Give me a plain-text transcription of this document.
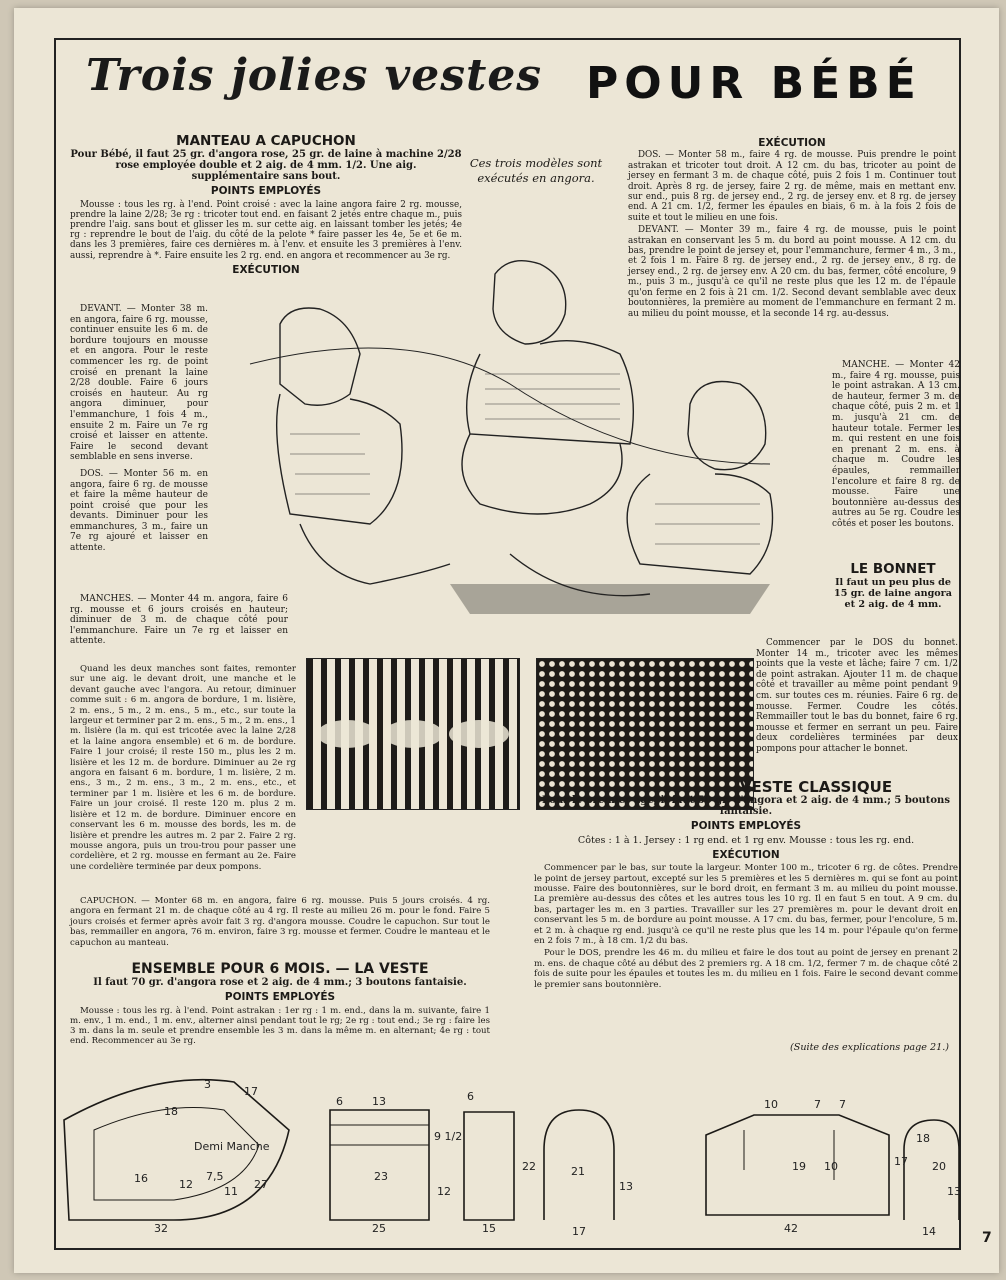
Trois jolies vestes POUR BÉBÉ
MANTEAU A CAPUCHON
Pour Bébé, il faut 25 gr. d'angora rose, 25 gr. de laine à machine 2/28 rose employée double et 2 aig. de 4 mm. 1/2. Une aig. supplémentaire sans bout.
POINTS EMPLOYÉS

Mousse : tous les rg. à l'end. Point croisé : avec la laine angora faire 2 rg. mousse, prendre la laine 2/28; 3e rg : tricoter tout end. en faisant 2 jetés entre chaque m., puis prendre l'aig. sans bout et glisser les m. sur cette aig. en laissant tomber les jetés; 4e rg : reprendre le bout de l'aig. du côté de la pelote * faire passer les 4e, 5e et 6e m. dans les 3 premières, faire ces dernières m. à l'env. et ensuite les 3 premières à l'env. aussi, reprendre à *. Faire ensuite les 2 rg. end. en angora et recommencer au 3e rg.

EXÉCUTION

DEVANT. — Monter 38 m. en angora, faire 6 rg. mousse, continuer ensuite les 6 m. de bordure toujours en mousse et en angora. Pour le reste commencer les rg. de point croisé en prenant la laine 2/28 double. Faire 6 jours croisés en hauteur. Au rg angora diminuer, pour l'emmanchure, 1 fois 4 m., ensuite 2 m. Faire un 7e rg croisé et laisser en attente. Faire le second devant semblable en sens inverse.

DOS. — Monter 56 m. en angora, faire 6 rg. de mousse et faire la même hauteur de point croisé que pour les devants. Diminuer pour les emmanchures, 3 m., faire un 7e rg ajouré et laisser en attente.

MANCHES. — Monter 44 m. angora, faire 6 rg. mousse et 6 jours croisés en hauteur; diminuer de 3 m. de chaque côté pour l'emmanchure. Faire un 7e rg et laisser en attente.

Quand les deux manches sont faites, remonter sur une aig. le devant droit, une manche et le devant gauche avec l'angora. Au retour, diminuer comme suit : 6 m. angora de bordure, 1 m. lisière, 2 m. ens., 5 m., 2 m. ens., 5 m., etc., sur toute la largeur et terminer par 2 m. ens., 5 m., 2 m. ens., 1 m. lisière (la m. qui est tricotée avec la laine 2/28 et la laine angora ensemble) et 6 m. de bordure. Faire 1 jour croisé; il reste 150 m., plus les 2 m. lisière et les 12 m. de bordure. Diminuer au 2e rg angora en faisant 6 m. bordure, 1 m. lisière, 2 m. ens., 3 m., 2 m. ens., 3 m., 2 m. ens., etc., et terminer par 1 m. lisière et les 6 m. de bordure. Faire un jour croisé. Il reste 120 m. plus 2 m. lisière et 12 m. de bordure. Diminuer encore en conservant les 6 m. mousse des bords, les m. de lisière et prendre les autres m. 2 par 2. Faire 2 rg. mousse angora, puis un trou-trou pour passer une cordelière, et 2 rg. mousse en fermant au 2e. Faire une cordelière terminée par deux pompons.

CAPUCHON. — Monter 68 m. en angora, faire 6 rg. mousse. Puis 5 jours croisés. 4 rg. angora en fermant 21 m. de chaque côté au 4 rg. Il reste au milieu 26 m. pour le fond. Faire 5 jours croisés et fermer après avoir fait 3 rg. d'angora mousse. Coudre le capuchon. Sur tout le bas, remmailler en angora, 76 m. environ, faire 3 rg. mousse et fermer. Coudre le manteau et le capuchon au manteau.

Ces trois modèles sont exécutés en angora.
EXÉCUTION

DOS. — Monter 58 m., faire 4 rg. de mousse. Puis prendre le point astrakan et tricoter tout droit. A 12 cm. du bas, tricoter au point de jersey en fermant 3 m. de chaque côté, puis 2 fois 1 m. Continuer tout droit. Après 8 rg. de jersey, faire 2 rg. de même, mais en mettant env. sur end., puis 8 rg. de jersey end., 2 rg. de jersey env. et 8 rg. de jersey end. A 21 cm. 1/2, fermer les épaules en biais, 6 m. à la fois 2 fois de suite et tout le milieu en une fois.

DEVANT. — Monter 39 m., faire 4 rg. de mousse, puis le point astrakan en conservant les 5 m. du bord au point mousse. A 12 cm. du bas, prendre le point de jersey et, pour l'emmanchure, fermer 4 m., 3 m., et 2 fois 1 m. Faire 8 rg. de jersey end., 2 rg. de jersey env., 8 rg. de jersey end., 2 rg. de jersey env. A 20 cm. du bas, fermer, côté encolure, 9 m., puis 3 m., jusqu'à ce qu'il ne reste plus que les 12 m. de l'épaule qu'on ferme en 2 fois à 21 cm. 1/2. Second devant semblable avec deux boutonnières, la première au moment de l'emmanchure en fermant 2 m. au milieu du point mousse, et la seconde 14 rg. au-dessus.

MANCHE. — Monter 42 m., faire 4 rg. mousse, puis le point astrakan. A 13 cm. de hauteur, fermer 3 m. de chaque côté, puis 2 m. et 1 m. jusqu'à 21 cm. de hauteur totale. Fermer les m. qui restent en une fois en prenant 2 m. ens. à chaque m. Coudre les épaules, remmailler l'encolure et faire 8 rg. de mousse. Faire une boutonnière au-dessus des autres au 5e rg. Coudre les côtés et poser les boutons.

LE BONNET
Il faut un peu plus de 15 gr. de laine angora et 2 aig. de 4 mm.

Commencer par le DOS du bonnet. Monter 14 m., tricoter avec les mêmes points que la veste et lâche; faire 7 cm. 1/2 de point astrakan. Ajouter 11 m. de chaque côté et travailler au même point pendant 9 cm. sur toutes ces m. réunies. Faire 6 rg. de mousse. Fermer. Coudre les côtés. Remmailler tout le bas du bonnet, faire 6 rg. mousse et fermer en serrant un peu. Faire deux cordelières terminées par deux pompons pour attacher le bonnet.

VESTE CLASSIQUE
Pour le premier âge, il faut 50 gr. d'angora et 2 aig. de 4 mm.; 5 boutons fantaisie.
POINTS EMPLOYÉS

Côtes : 1 à 1. Jersey : 1 rg end. et 1 rg env. Mousse : tous les rg. end.

EXÉCUTION

Commencer par le bas, sur toute la largeur. Monter 100 m., tricoter 6 rg. de côtes. Prendre le point de jersey partout, excepté sur les 5 premières et les 5 dernières m. qui se font au point mousse. Faire des boutonnières, sur le bord droit, en fermant 3 m. au milieu du point mousse. La première au-dessus des côtes et les autres tous les 10 rg. Il en faut 5 en tout. A 9 cm. du bas, partager les m. en 3 parties. Travailler sur les 27 premières m. pour le devant droit en conservant les 5 m. de bordure au point mousse. A 17 cm. du bas, fermer, pour l'encolure, 5 m. et 2 m. à chaque rg end. jusqu'à ce qu'il ne reste plus que les 14 m. pour l'épaule qu'on ferme en 2 fois 7 m., à 18 cm. 1/2 du bas.

Pour le DOS, prendre les 46 m. du milieu et faire le dos tout au point de jersey en prenant 2 m. ens. de chaque côté au début des 2 premiers rg. A 18 cm. 1/2, fermer 7 m. de chaque côté 2 fois de suite pour les épaules et toutes les m. du milieu en 1 fois. Faire le second devant comme le premier sans boutonnière.

(Suite des explications page 21.)
ENSEMBLE POUR 6 MOIS. — LA VESTE
Il faut 70 gr. d'angora rose et 2 aig. de 4 mm.; 3 boutons fantaisie.
POINTS EMPLOYÉS

Mousse : tous les rg. à l'end. Point astrakan : 1er rg : 1 m. end., dans la m. suivante, faire 1 m. env., 1 m. end., 1 m. env., alterner ainsi pendant tout le rg; 2e rg : tout end.; 3e rg : faire les 3 m. dans la m. seule et prendre ensemble les 3 m. dans la même m. en alternant; 4e rg : tout end. Recommencer au 3e rg.

Demi Manche
3
17
18
16	12
32
27
7,5
11
6	13
23
12
9 1/2
25
6
22
15
21
13
17
10	7 7
19 10	17
42
18
20
13
14	7
